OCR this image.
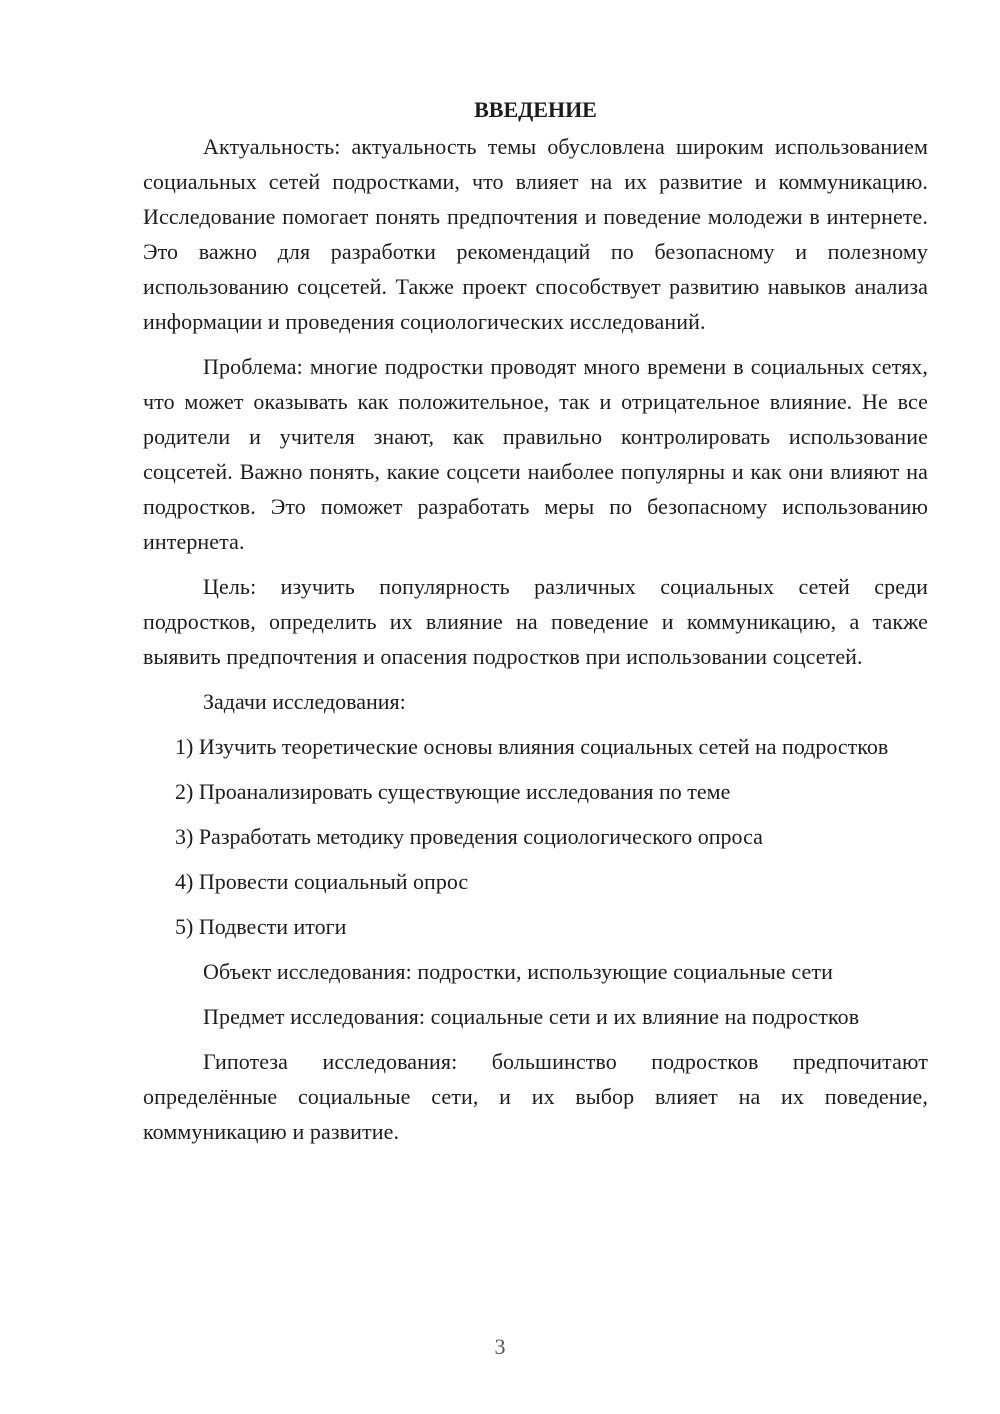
ВВЕДЕНИЕ

Актуальность: актуальность темы обусловлена широким использованием социальных сетей подростками, что влияет на их развитие и коммуникацию. Исследование помогает понять предпочтения и поведение молодежи в интернете. Это важно для разработки рекомендаций по безопасному и полезному использованию соцсетей. Также проект способствует развитию навыков анализа информации и проведения социологических исследований.

Проблема: многие подростки проводят много времени в социальных сетях, что может оказывать как положительное, так и отрицательное влияние. Не все родители и учителя знают, как правильно контролировать использование соцсетей. Важно понять, какие соцсети наиболее популярны и как они влияют на подростков. Это поможет разработать меры по безопасному использованию интернета.

Цель: изучить популярность различных социальных сетей среди подростков, определить их влияние на поведение и коммуникацию, а также выявить предпочтения и опасения подростков при использовании соцсетей.

Задачи исследования:

1) Изучить теоретические основы влияния социальных сетей на подростков

2) Проанализировать существующие исследования по теме

3) Разработать методику проведения социологического опроса

4) Провести социальный опрос

5) Подвести итоги

Объект исследования: подростки, использующие социальные сети

Предмет исследования: социальные сети и их влияние на подростков

Гипотеза исследования: большинство подростков предпочитают определённые социальные сети, и их выбор влияет на их поведение, коммуникацию и развитие.

3
